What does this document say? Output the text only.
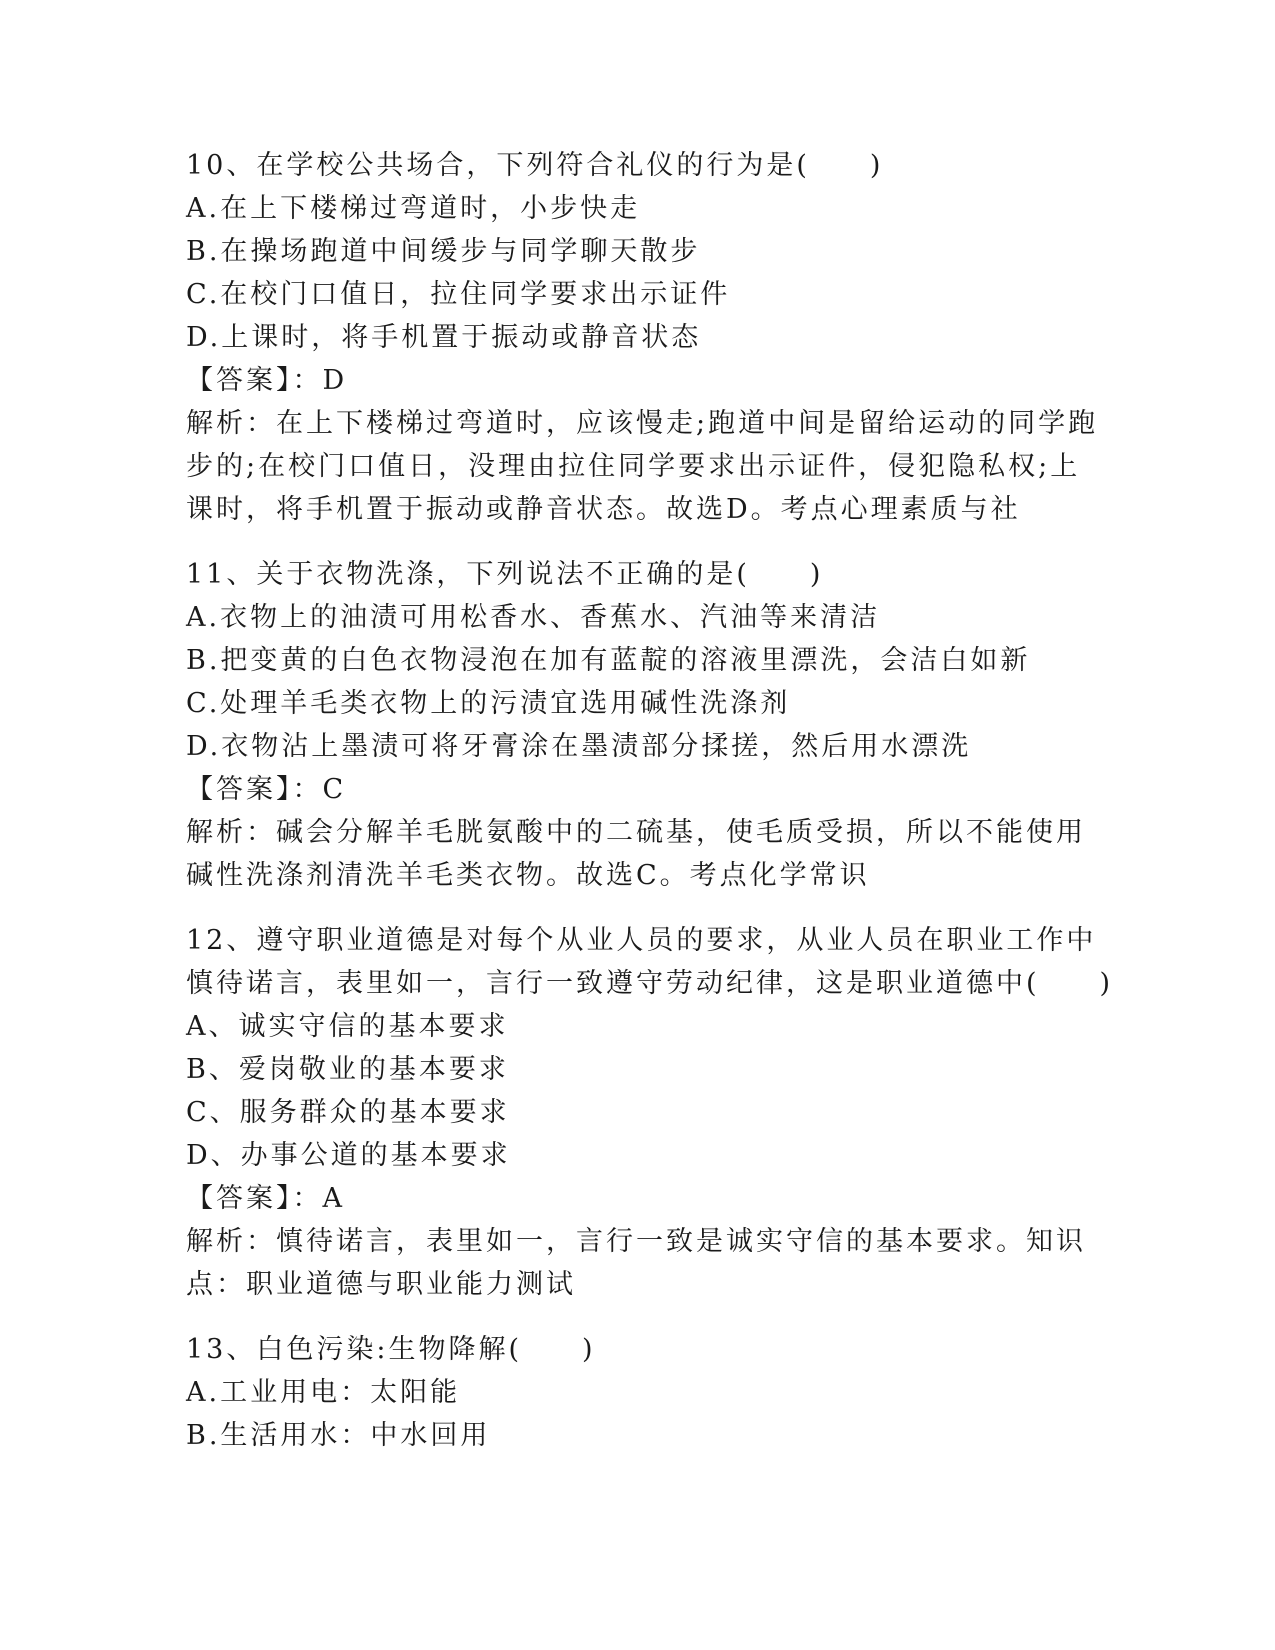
10、在学校公共场合，下列符合礼仪的行为是(　　)
A.在上下楼梯过弯道时，小步快走
B.在操场跑道中间缓步与同学聊天散步
C.在校门口值日，拉住同学要求出示证件
D.上课时，将手机置于振动或静音状态
【答案】：D
解析：在上下楼梯过弯道时，应该慢走;跑道中间是留给运动的同学跑
步的;在校门口值日，没理由拉住同学要求出示证件，侵犯隐私权;上
课时，将手机置于振动或静音状态。故选D。考点心理素质与社
11、关于衣物洗涤，下列说法不正确的是(　　)
A.衣物上的油渍可用松香水、香蕉水、汽油等来清洁
B.把变黄的白色衣物浸泡在加有蓝靛的溶液里漂洗，会洁白如新
C.处理羊毛类衣物上的污渍宜选用碱性洗涤剂
D.衣物沾上墨渍可将牙膏涂在墨渍部分揉搓，然后用水漂洗
【答案】：C
解析：碱会分解羊毛胱氨酸中的二硫基，使毛质受损，所以不能使用
碱性洗涤剂清洗羊毛类衣物。故选C。考点化学常识
12、遵守职业道德是对每个从业人员的要求，从业人员在职业工作中
慎待诺言，表里如一，言行一致遵守劳动纪律，这是职业道德中(　　)
A、诚实守信的基本要求
B、爱岗敬业的基本要求
C、服务群众的基本要求
D、办事公道的基本要求
【答案】：A
解析：慎待诺言，表里如一，言行一致是诚实守信的基本要求。知识
点：职业道德与职业能力测试
13、白色污染:生物降解(　　)
A.工业用电：太阳能
B.生活用水：中水回用
